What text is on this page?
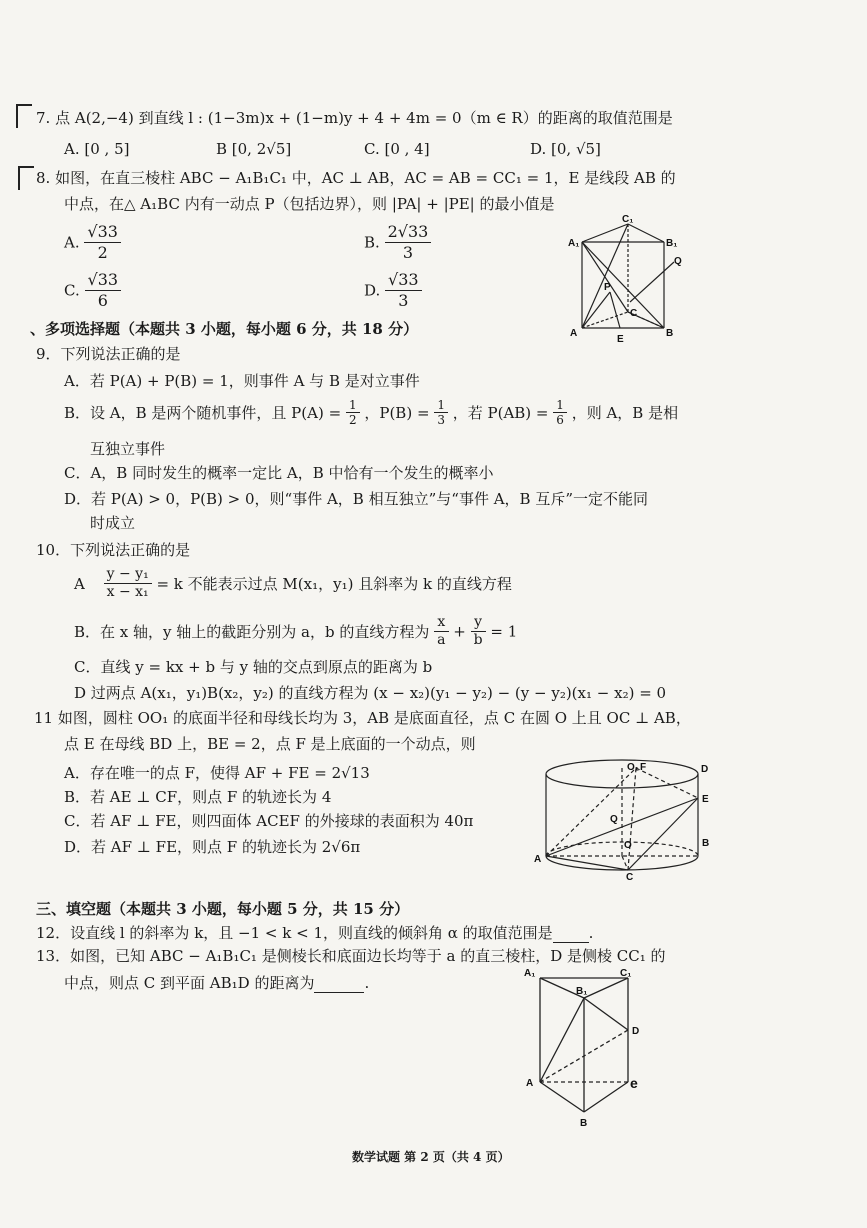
7. 点 A(2,−4) 到直线 l : (1−3m)x + (1−m)y + 4 + 4m = 0（m ∈ R）的距离的取值范围是
A. [0 , 5]	B [0, 2√5]	C. [0 , 4]	D. [0, √5]
8. 如图，在直三棱柱 ABC − A₁B₁C₁ 中，AC ⊥ AB，AC = AB = CC₁ = 1，E 是线段 AB 的
中点，在△ A₁BC 内有一动点 P（包括边界），则 |PA| + |PE| 的最小值是
A. $\frac{√33}{2}$	B. $\frac{2√33}{3}$
C. $\frac{√33}{6}$	D. $\frac{√33}{3}$
A₁	B₁
C₁
A	B
E
P
C
Q
、多项选择题（本题共 3 小题，每小题 6 分，共 18 分）
9．下列说法正确的是
A．若 P(A) + P(B) = 1，则事件 A 与 B 是对立事件
B．设 A，B 是两个随机事件，且 $P(A) = \frac{1}{2}$ ，$P(B) = \frac{1}{3}$ ，若 $P(AB) = \frac{1}{6}$ ，则 A，B 是相
互独立事件
C．A，B 同时发生的概率一定比 A，B 中恰有一个发生的概率小
D．若 P(A) > 0，P(B) > 0，则“事件 A，B 相互独立”与“事件 A，B 互斥”一定不能同
时成立
10．下列说法正确的是
A $\frac{\text{y − y₁}}{\text{x − x₁}} = k$ 不能表示过点 M(x₁，y₁) 且斜率为 k 的直线方程
B．在 x 轴，y 轴上的截距分别为 a，b 的直线方程为 $\frac{x}{a} + \frac{y}{b} = 1$
C．直线 y = kx + b 与 y 轴的交点到原点的距离为 b
D 过两点 A(x₁，y₁)B(x₂，y₂) 的直线方程为 (x − x₂)(y₁ − y₂) − (y − y₂)(x₁ − x₂) = 0
11 如图，圆柱 OO₁ 的底面半径和母线长均为 3，AB 是底面直径，点 C 在圆 O 上且 OC ⊥ AB，
点 E 在母线 BD 上，BE = 2，点 F 是上底面的一个动点，则
A．存在唯一的点 F，使得 AF + FE = 2√13
B．若 AE ⊥ CF，则点 F 的轨迹长为 4
C．若 AF ⊥ FE，则四面体 ACEF 的外接球的表面积为 40π
D．若 AF ⊥ FE，则点 F 的轨迹长为 2√6π
O₁ F	D
E
Q
O
A
B
C
三、填空题（本题共 3 小题，每小题 5 分，共 15 分）
12．设直线 l 的斜率为 k，且 −1 < k < 1，则直线的倾斜角 α 的取值范围是 .
13．如图，已知 ABC − A₁B₁C₁ 是侧棱长和底面边长均等于 a 的直三棱柱，D 是侧棱 CC₁ 的
中点，则点 C 到平面 AB₁D 的距离为	.
A₁	C₁
B₁
D
A	e
B
数学试题 第 2 页（共 4 页）
